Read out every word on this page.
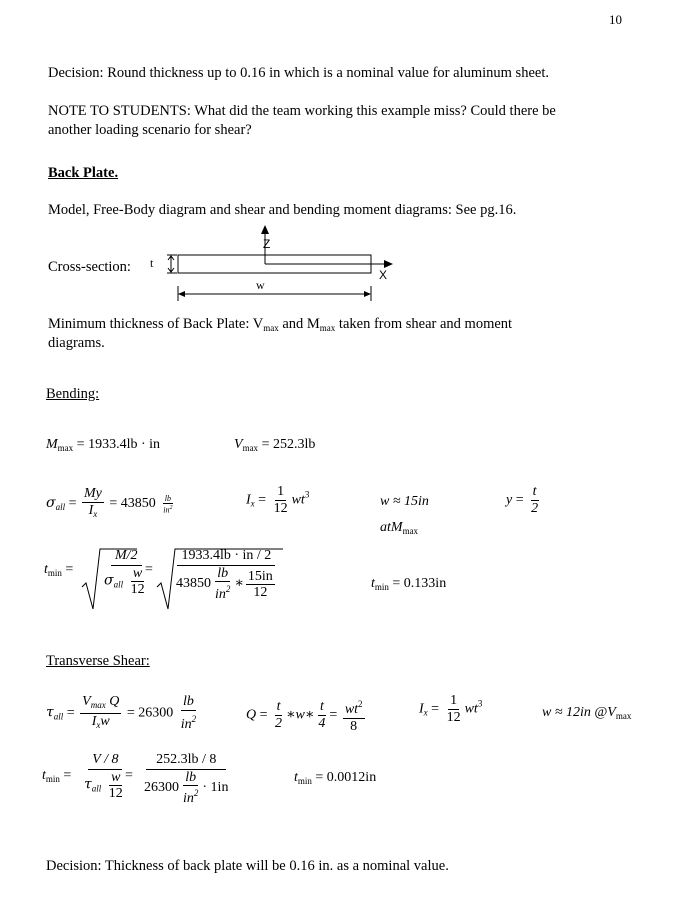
10
Decision: Round thickness up to 0.16 in which is a nominal value for aluminum sheet.
NOTE TO STUDENTS: What did the team working this example miss? Could there be
another loading scenario for shear?
Back Plate.
Model, Free-Body diagram and shear and bending moment diagrams: See pg.16.
Cross-section: t
Z
X
w
Minimum thickness of Back Plate: $V_{max}$ and $M_{max}$ taken from shear and moment
diagrams.
Bending:
$M_{max} = 1933.4lb$ · in	$V_{max} = 252.3lb$
$\sigma_{all} = \frac{My}{I_x} = 43850 \frac{lb}{in^2}$	$I_x = \frac{1}{12} wt^3$	w ≈ 15in
atM$_{max}$
$y = \frac{t}{2}$
$t_{min} = \frac{M/2}{\sigma_{all} \frac{w}{12}}$
= $\frac{1933.4lb \cdot in / 2}{43850 \frac{lb}{in^2} ∗ \frac{15in}{12}}$	$t_{min} = 0.133in$
Transverse Shear:
$\tau_{all} = \frac{V_{max} Q}{I_xw} = 26300 \frac{lb}{in^2}$	$Q = \frac{t}{2}$ ∗w∗ $\frac{t}{4} = \frac{wt^2}{8}$	$I_x = \frac{1}{12} wt^3$
w ≈ 12in $@V_{max}$
$t_{min} = \frac{V / 8}{\tau_{all} \frac{w}{12}}$
= $\frac{252.3lb / 8}{26300 \frac{lb}{in^2} \cdot 1in}$	$t_{min} = 0.0012in$
Decision: Thickness of back plate will be 0.16 in. as a nominal value.
